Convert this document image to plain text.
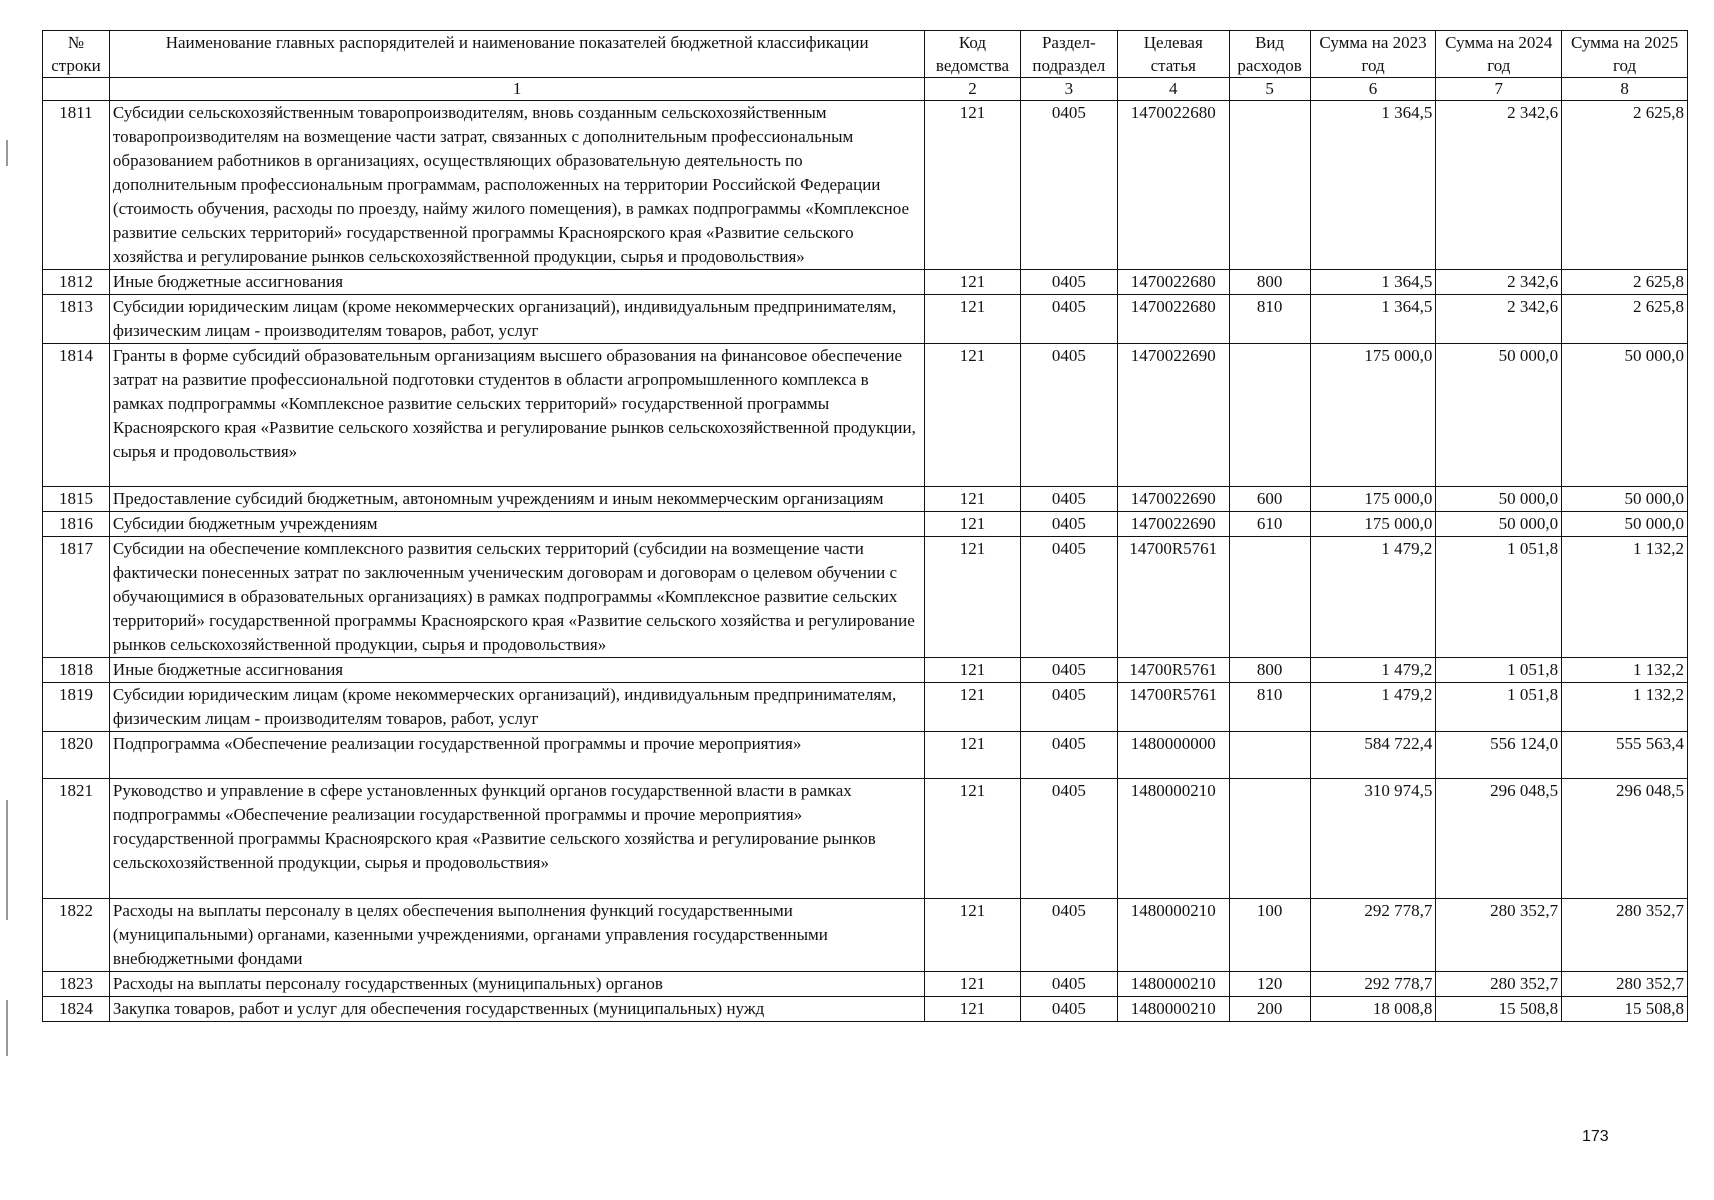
№ строки	Наименование главных распорядителей и наименование показателей бюджетной классификации	Код ведомства	Раздел-подраздел	Целевая статья	Вид расходов	Сумма на 2023 год	Сумма на 2024 год	Сумма на 2025 год
	1	2	3	4	5	6	7	8
1811	Субсидии сельскохозяйственным товаропроизводителям, вновь созданным сельскохозяйственным товаропроизводителям на возмещение части затрат, связанных с дополнительным профессиональным образованием работников в организациях, осуществляющих образовательную деятельность по дополнительным профессиональным программам, расположенных на территории Российской Федерации (стоимость обучения, расходы по проезду, найму жилого помещения), в рамках подпрограммы «Комплексное развитие сельских территорий» государственной программы Красноярского края «Развитие сельского хозяйства и регулирование рынков сельскохозяйственной продукции, сырья и продовольствия»	121	0405	1470022680		1 364,5	2 342,6	2 625,8
1812	Иные бюджетные ассигнования	121	0405	1470022680	800	1 364,5	2 342,6	2 625,8
1813	Субсидии юридическим лицам (кроме некоммерческих организаций), индивидуальным предпринимателям, физическим лицам - производителям товаров, работ, услуг	121	0405	1470022680	810	1 364,5	2 342,6	2 625,8
1814	Гранты в форме субсидий образовательным организациям высшего образования на финансовое обеспечение затрат на развитие профессиональной подготовки студентов в области агропромышленного комплекса в рамках подпрограммы «Комплексное развитие сельских территорий» государственной программы Красноярского края «Развитие сельского хозяйства и регулирование рынков сельскохозяйственной продукции, сырья и продовольствия»	121	0405	1470022690		175 000,0	50 000,0	50 000,0
1815	Предоставление субсидий бюджетным, автономным учреждениям и иным некоммерческим организациям	121	0405	1470022690	600	175 000,0	50 000,0	50 000,0
1816	Субсидии бюджетным учреждениям	121	0405	1470022690	610	175 000,0	50 000,0	50 000,0
1817	Субсидии на обеспечение комплексного развития сельских территорий (субсидии на возмещение части фактически понесенных затрат по заключенным ученическим договорам и договорам о целевом обучении с обучающимися в образовательных организациях) в рамках подпрограммы «Комплексное развитие сельских территорий» государственной программы Красноярского края «Развитие сельского хозяйства и регулирование рынков сельскохозяйственной продукции, сырья и продовольствия»	121	0405	14700R5761		1 479,2	1 051,8	1 132,2
1818	Иные бюджетные ассигнования	121	0405	14700R5761	800	1 479,2	1 051,8	1 132,2
1819	Субсидии юридическим лицам (кроме некоммерческих организаций), индивидуальным предпринимателям, физическим лицам - производителям товаров, работ, услуг	121	0405	14700R5761	810	1 479,2	1 051,8	1 132,2
1820	Подпрограмма «Обеспечение реализации государственной программы и прочие мероприятия»	121	0405	1480000000		584 722,4	556 124,0	555 563,4
1821	Руководство и управление в сфере установленных функций органов государственной власти в рамках подпрограммы «Обеспечение реализации государственной программы и прочие мероприятия» государственной программы Красноярского края «Развитие сельского хозяйства и регулирование рынков сельскохозяйственной продукции, сырья и продовольствия»	121	0405	1480000210		310 974,5	296 048,5	296 048,5
1822	Расходы на выплаты персоналу в целях обеспечения выполнения функций государственными (муниципальными) органами, казенными учреждениями, органами управления государственными внебюджетными фондами	121	0405	1480000210	100	292 778,7	280 352,7	280 352,7
1823	Расходы на выплаты персоналу государственных (муниципальных) органов	121	0405	1480000210	120	292 778,7	280 352,7	280 352,7
1824	Закупка товаров, работ и услуг для обеспечения государственных (муниципальных) нужд	121	0405	1480000210	200	18 008,8	15 508,8	15 508,8
173
